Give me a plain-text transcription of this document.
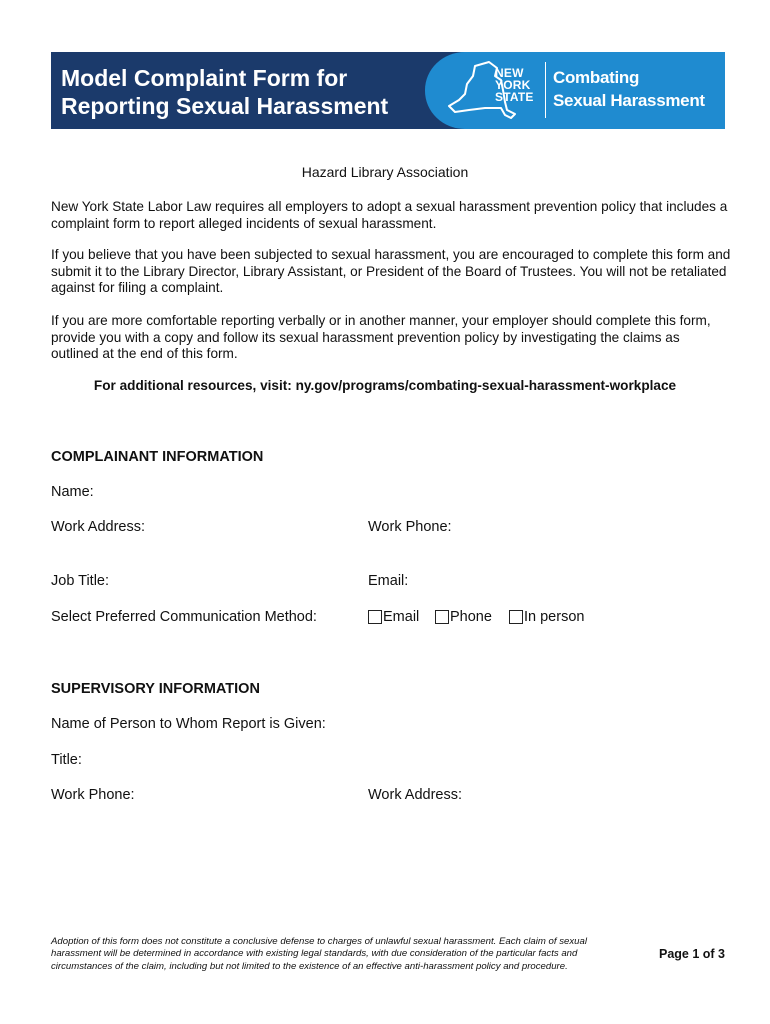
Model Complaint Form for
Reporting Sexual Harassment
NEW
YORK
STATE
Combating
Sexual Harassment
Hazard Library Association

New York State Labor Law requires all employers to adopt a sexual harassment prevention policy that includes a complaint form to report alleged incidents of sexual harassment.

If you believe that you have been subjected to sexual harassment, you are encouraged to complete this form and submit it to the Library Director, Library Assistant, or President of the Board of Trustees. You will not be retaliated against for filing a complaint.

If you are more comfortable reporting verbally or in another manner, your employer should complete this form, provide you with a copy and follow its sexual harassment prevention policy by investigating the claims as outlined at the end of this form.

For additional resources, visit: ny.gov/programs/combating-sexual-harassment-workplace
COMPLAINANT INFORMATION
Name:
Work Address:	Work Phone:
Job Title:	Email:
Select Preferred Communication Method:	Email Phone In person
SUPERVISORY INFORMATION
Name of Person to Whom Report is Given:
Title:
Work Phone:	Work Address:
Adoption of this form does not constitute a conclusive defense to charges of unlawful sexual harassment. Each claim of sexual harassment will be determined in accordance with existing legal standards, with due consideration of the particular facts and circumstances of the claim, including but not limited to the existence of an effective anti-harassment policy and procedure.
Page 1 of 3
